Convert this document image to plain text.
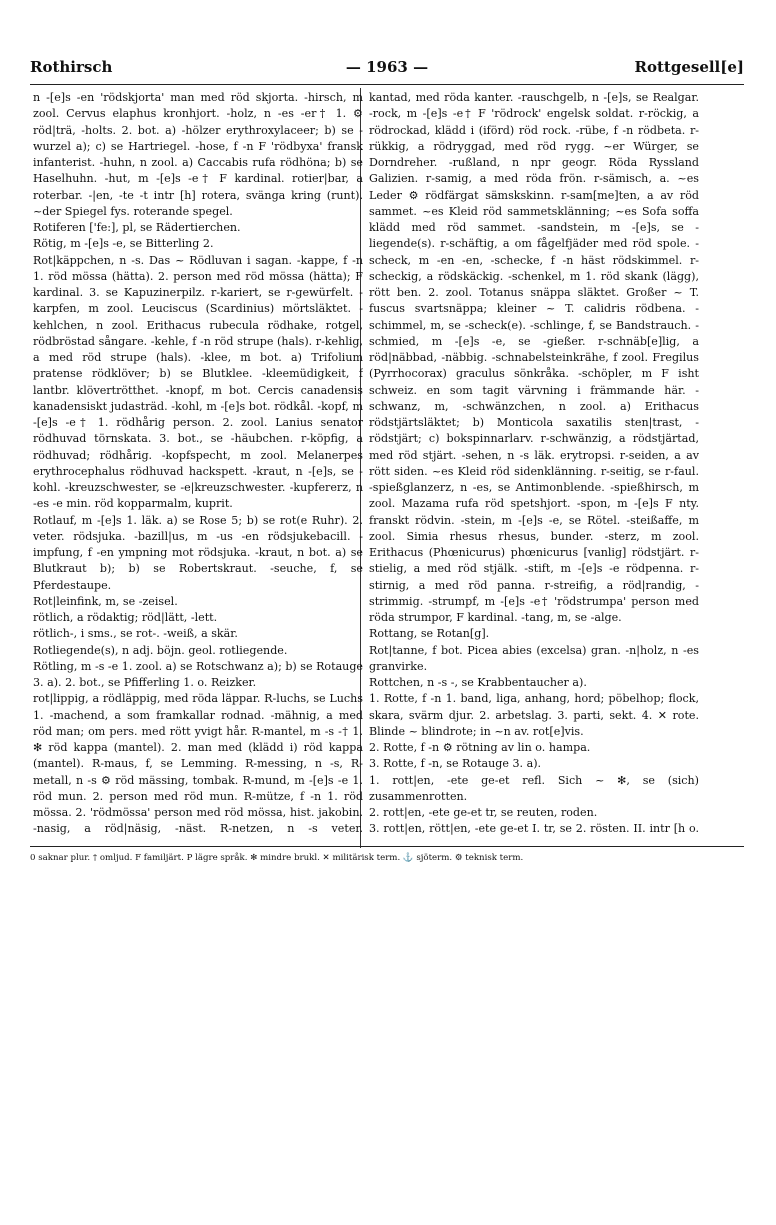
Rothirsch	— 1963 —	Rottgesell[e]

n -[e]s -en 'rödskjorta' man med röd skjorta. -hirsch, m zool. Cervus elaphus kronhjort. -holz, n -es -er† 1. ⚙ röd|trä, -holts. 2. bot. a) -hölzer erythroxylaceer; b) se -wurzel a); c) se Hartriegel. -hose, f -n F 'rödbyxa' fransk infanterist. -huhn, n zool. a) Caccabis rufa rödhöna; b) se Haselhuhn. -hut, m -[e]s -e† F kardinal. rotier|bar, a roterbar. -|en, -te -t intr [h] rotera, svänga kring (runt). ~der Spiegel fys. roterande spegel.

Rotiferen ['fe:], pl, se Rädertierchen.

Rötig, m -[e]s -e, se Bitterling 2.

Rot|käppchen, n -s. Das ~ Rödluvan i sagan. -kappe, f -n 1. röd mössa (hätta). 2. person med röd mössa (hätta); F kardinal. 3. se Kapuzinerpilz. r-kariert, se r-gewürfelt. -karpfen, m zool. Leuciscus (Scardinius) mörtsläktet. -kehlchen, n zool. Erithacus rubecula rödhake, rotgel, rödbröstad sångare. -kehle, f -n röd strupe (hals). r-kehlig, a med röd strupe (hals). -klee, m bot. a) Trifolium pratense rödklöver; b) se Blutklee. -kleemüdigkeit, f lantbr. klövertrötthet. -knopf, m bot. Cercis canadensis kanadensiskt judasträd. -kohl, m -[e]s bot. rödkål. -kopf, m -[e]s -e† 1. rödhårig person. 2. zool. Lanius senator rödhuvad törnskata. 3. bot., se -häubchen. r-köpfig, a rödhuvad; rödhårig. -kopfspecht, m zool. Melanerpes erythrocephalus rödhuvad hackspett. -kraut, n -[e]s, se -kohl. -kreuzschwester, se -e|kreuzschwester. -kupfererz, n -es -e min. röd kopparmalm, kuprit.

Rotlauf, m -[e]s 1. läk. a) se Rose 5; b) se rot(e Ruhr). 2. veter. rödsjuka. -bazill|us, m -us -en rödsjukebacill. -impfung, f -en ympning mot rödsjuka. -kraut, n bot. a) se Blutkraut b); b) se Robertskraut. -seuche, f, se Pferdestaupe.

Rot|leinfink, m, se -zeisel.

rötlich, a rödaktig; röd|lätt, -lett.

rötlich-, i sms., se rot-. -weiß, a skär.

Rotliegende(s), n adj. böjn. geol. rotliegende.

Rötling, m -s -e 1. zool. a) se Rotschwanz a); b) se Rotauge 3. a). 2. bot., se Pfifferling 1. o. Reizker.

rot|lippig, a rödläppig, med röda läppar. R-luchs, se Luchs 1. -machend, a som framkallar rodnad. -mähnig, a med röd man; om pers. med rött yvigt hår. R-mantel, m -s -† 1. ✻ röd kappa (mantel). 2. man med (klädd i) röd kappa (mantel). R-maus, f, se Lemming. R-messing, n -s, R-metall, n -s ⚙ röd mässing, tombak. R-mund, m -[e]s -e 1. röd mun. 2. person med röd mun. R-mütze, f -n 1. röd mössa. 2. 'rödmössa' person med röd mössa, hist. jakobin. -nasig, a röd|näsig, -näst. R-netzen, n -s veter.

kantad, med röda kanter. -rauschgelb, n -[e]s, se Realgar. -rock, m -[e]s -e† F 'rödrock' engelsk soldat. r-röckig, a rödrockad, klädd i (iförd) röd rock. -rübe, f -n rödbeta. r-rükkig, a rödryggad, med röd rygg. ~er Würger, se Dorndreher. -rußland, n npr geogr. Röda Ryssland Galizien. r-samig, a med röda frön. r-sämisch, a. ~es Leder ⚙ rödfärgat sämskskinn. r-sam[me]ten, a av röd sammet. ~es Kleid röd sammetsklänning; ~es Sofa soffa klädd med röd sammet. -sandstein, m -[e]s, se -liegende(s). r-schäftig, a om fågelfjäder med röd spole. -scheck, m -en -en, -schecke, f -n häst rödskimmel. r-scheckig, a rödskäckig. -schenkel, m 1. röd skank (lägg), rött ben. 2. zool. Totanus snäppa släktet. Großer ~ T. fuscus svartsnäppa; kleiner ~ T. calidris rödbena. -schimmel, m, se -scheck(e). -schlinge, f, se Bandstrauch. -schmied, m -[e]s -e, se -gießer. r-schnäb[e]lig, a röd|näbbad, -näbbig. -schnabelsteinkrähe, f zool. Fregilus (Pyrrhocorax) graculus sönkråka. -schöpler, m F isht schweiz. en som tagit värvning i främmande här. -schwanz, m, -schwänzchen, n zool. a) Erithacus rödstjärtsläktet; b) Monticola saxatilis sten|trast, -rödstjärt; c) bokspinnarlarv. r-schwänzig, a rödstjärtad, med röd stjärt. -sehen, n -s läk. erytropsi. r-seiden, a av rött siden. ~es Kleid röd sidenklänning. r-seitig, se r-faul. -spießglanzerz, n -es, se Antimonblende. -spießhirsch, m zool. Mazama rufa röd spetshjort. -spon, m -[e]s F nty. franskt rödvin. -stein, m -[e]s -e, se Rötel. -steißaffe, m zool. Simia rhesus rhesus, bunder. -sterz, m zool. Erithacus (Phœnicurus) phœnicurus [vanlig] rödstjärt. r-stielig, a med röd stjälk. -stift, m -[e]s -e rödpenna. r-stirnig, a med röd panna. r-streifig, a röd|randig, -strimmig. -strumpf, m -[e]s -e† 'rödstrumpa' person med röda strumpor, F kardinal. -tang, m, se -alge.

Rottang, se Rotan[g].

Rot|tanne, f bot. Picea abies (excelsa) gran. -n|holz, n -es granvirke.

Rottchen, n -s -, se Krabbentaucher a).

1. Rotte, f -n 1. band, liga, anhang, hord; pöbelhop; flock, skara, svärm djur. 2. arbetslag. 3. parti, sekt. 4. ✕ rote. Blinde ~ blindrote; in ~n av. rot[e]vis.

2. Rotte, f -n ⚙ rötning av lin o. hampa.

3. Rotte, f -n, se Rotauge 3. a).

1. rott|en, -ete ge-et refl. Sich ~ ✻, se (sich) zusammenrotten.

2. rott|en, -ete ge-et tr, se reuten, roden.

3. rott|en, rött|en, -ete ge-et I. tr, se 2. rösten. II. intr [h o.

0 saknar plur. † omljud. F familjärt. P lägre språk. ✻ mindre brukl. ✕ militärisk term. ⚓ sjöterm. ⚙ teknisk term.
